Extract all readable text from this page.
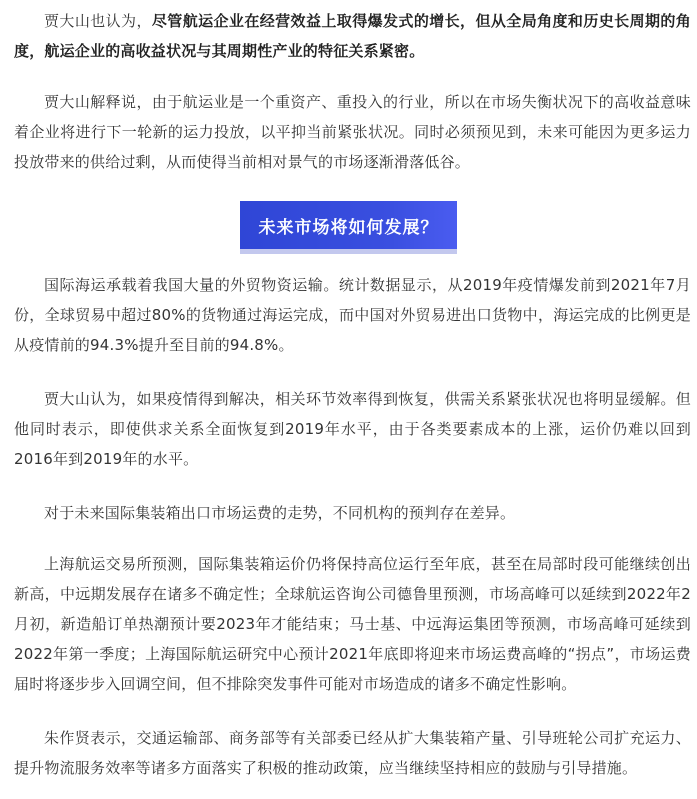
贾大山也认为，尽管航运企业在经营效益上取得爆发式的增长，但从全局角度和历史长周期的角度，航运企业的高收益状况与其周期性产业的特征关系紧密。

贾大山解释说，由于航运业是一个重资产、重投入的行业，所以在市场失衡状况下的高收益意味着企业将进行下一轮新的运力投放，以平抑当前紧张状况。同时必须预见到，未来可能因为更多运力投放带来的供给过剩，从而使得当前相对景气的市场逐渐滑落低谷。

未来市场将如何发展？

国际海运承载着我国大量的外贸物资运输。统计数据显示，从2019年疫情爆发前到2021年7月份，全球贸易中超过80%的货物通过海运完成，而中国对外贸易进出口货物中，海运完成的比例更是从疫情前的94.3%提升至目前的94.8%。

贾大山认为，如果疫情得到解决，相关环节效率得到恢复，供需关系紧张状况也将明显缓解。但他同时表示，即使供求关系全面恢复到2019年水平，由于各类要素成本的上涨，运价仍难以回到2016年到2019年的水平。

对于未来国际集装箱出口市场运费的走势，不同机构的预判存在差异。

上海航运交易所预测，国际集装箱运价仍将保持高位运行至年底，甚至在局部时段可能继续创出新高，中远期发展存在诸多不确定性；全球航运咨询公司德鲁里预测，市场高峰可以延续到2022年2月初，新造船订单热潮预计要2023年才能结束；马士基、中远海运集团等预测，市场高峰可延续到2022年第一季度；上海国际航运研究中心预计2021年底即将迎来市场运费高峰的“拐点”，市场运费届时将逐步步入回调空间，但不排除突发事件可能对市场造成的诸多不确定性影响。

朱作贤表示，交通运输部、商务部等有关部委已经从扩大集装箱产量、引导班轮公司扩充运力、提升物流服务效率等诸多方面落实了积极的推动政策，应当继续坚持相应的鼓励与引导措施。
